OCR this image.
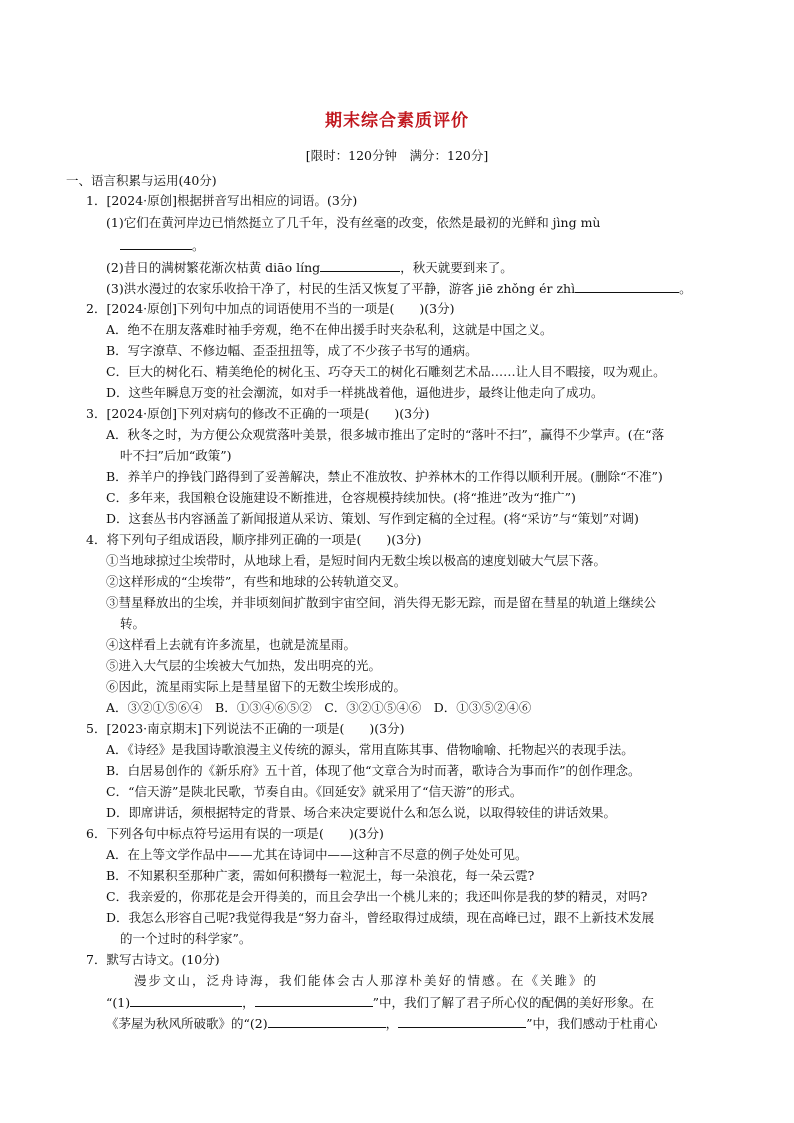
期末综合素质评价
[限时：120分钟　满分：120分]
一、语言积累与运用(40分)
1．[2024·原创]根据拼音写出相应的词语。(3分)
(1)它们在黄河岸边已悄然挺立了几千年，没有丝毫的改变，依然是最初的光鲜和 jìng mù
。
(2)昔日的满树繁花渐次枯黄 diāo líng	，秋天就要到来了。
(3)洪水漫过的农家乐收拾干净了，村民的生活又恢复了平静，游客 jiē zhǒng ér zhì	。
2．[2024·原创]下列句中加点的词语使用不当的一项是(　　)(3分)
A．绝不在朋友落难时袖手旁观，绝不在伸出援手时夹杂私利，这就是中国之义。
B．写字潦草、不修边幅、歪歪扭扭等，成了不少孩子书写的通病。
C．巨大的树化石、精美绝伦的树化玉、巧夺天工的树化石雕刻艺术品……让人目不暇接，叹为观止。
D．这些年瞬息万变的社会潮流，如对手一样挑战着他，逼他进步，最终让他走向了成功。
3．[2024·原创]下列对病句的修改不正确的一项是(　　)(3分)
A．秋冬之时，为方便公众观赏落叶美景，很多城市推出了定时的“落叶不扫”，赢得不少掌声。(在“落
叶不扫”后加“政策”)
B．养羊户的挣钱门路得到了妥善解决，禁止不准放牧、护养林木的工作得以顺利开展。(删除“不准”)
C．多年来，我国粮仓设施建设不断推进，仓容规模持续加快。(将“推进”改为“推广”)
D．这套丛书内容涵盖了新闻报道从采访、策划、写作到定稿的全过程。(将“采访”与“策划”对调)
4．将下列句子组成语段，顺序排列正确的一项是(　　)(3分)
①当地球掠过尘埃带时，从地球上看，是短时间内无数尘埃以极高的速度划破大气层下落。
②这样形成的“尘埃带”，有些和地球的公转轨道交叉。
③彗星释放出的尘埃，并非顷刻间扩散到宇宙空间，消失得无影无踪，而是留在彗星的轨道上继续公
转。
④这样看上去就有许多流星，也就是流星雨。
⑤进入大气层的尘埃被大气加热，发出明亮的光。
⑥因此，流星雨实际上是彗星留下的无数尘埃形成的。
A．③②①⑤⑥④　B．①③④⑥⑤②　C．③②①⑤④⑥　D．①③⑤②④⑥
5．[2023·南京期末]下列说法不正确的一项是(　　)(3分)
A．《诗经》是我国诗歌浪漫主义传统的源头，常用直陈其事、借物喻喻、托物起兴的表现手法。
B．白居易创作的《新乐府》五十首，体现了他“文章合为时而著，歌诗合为事而作”的创作理念。
C．“信天游”是陕北民歌，节奏自由。《回延安》就采用了“信天游”的形式。
D．即席讲话，须根据特定的背景、场合来决定要说什么和怎么说，以取得较佳的讲话效果。
6．下列各句中标点符号运用有误的一项是(　　)(3分)
A．在上等文学作品中——尤其在诗词中——这种言不尽意的例子处处可见。
B．不知累积至那种广袤，需如何积攒每一粒泥土，每一朵浪花，每一朵云霓?
C．我亲爱的，你那花是会开得美的，而且会孕出一个桃儿来的；我还叫你是我的梦的精灵，对吗?
D．我怎么形容自己呢?我觉得我是“努力奋斗，曾经取得过成绩，现在高峰已过，跟不上新技术发展
的一个过时的科学家”。
7．默写古诗文。(10分)
漫步文山，泛舟诗海，我们能体会古人那淳朴美好的情感。在《关雎》的
“(1)	，	”中，我们了解了君子所心仪的配偶的美好形象。在
《茅屋为秋风所破歌》的“(2)	，	”中，我们感动于杜甫心
